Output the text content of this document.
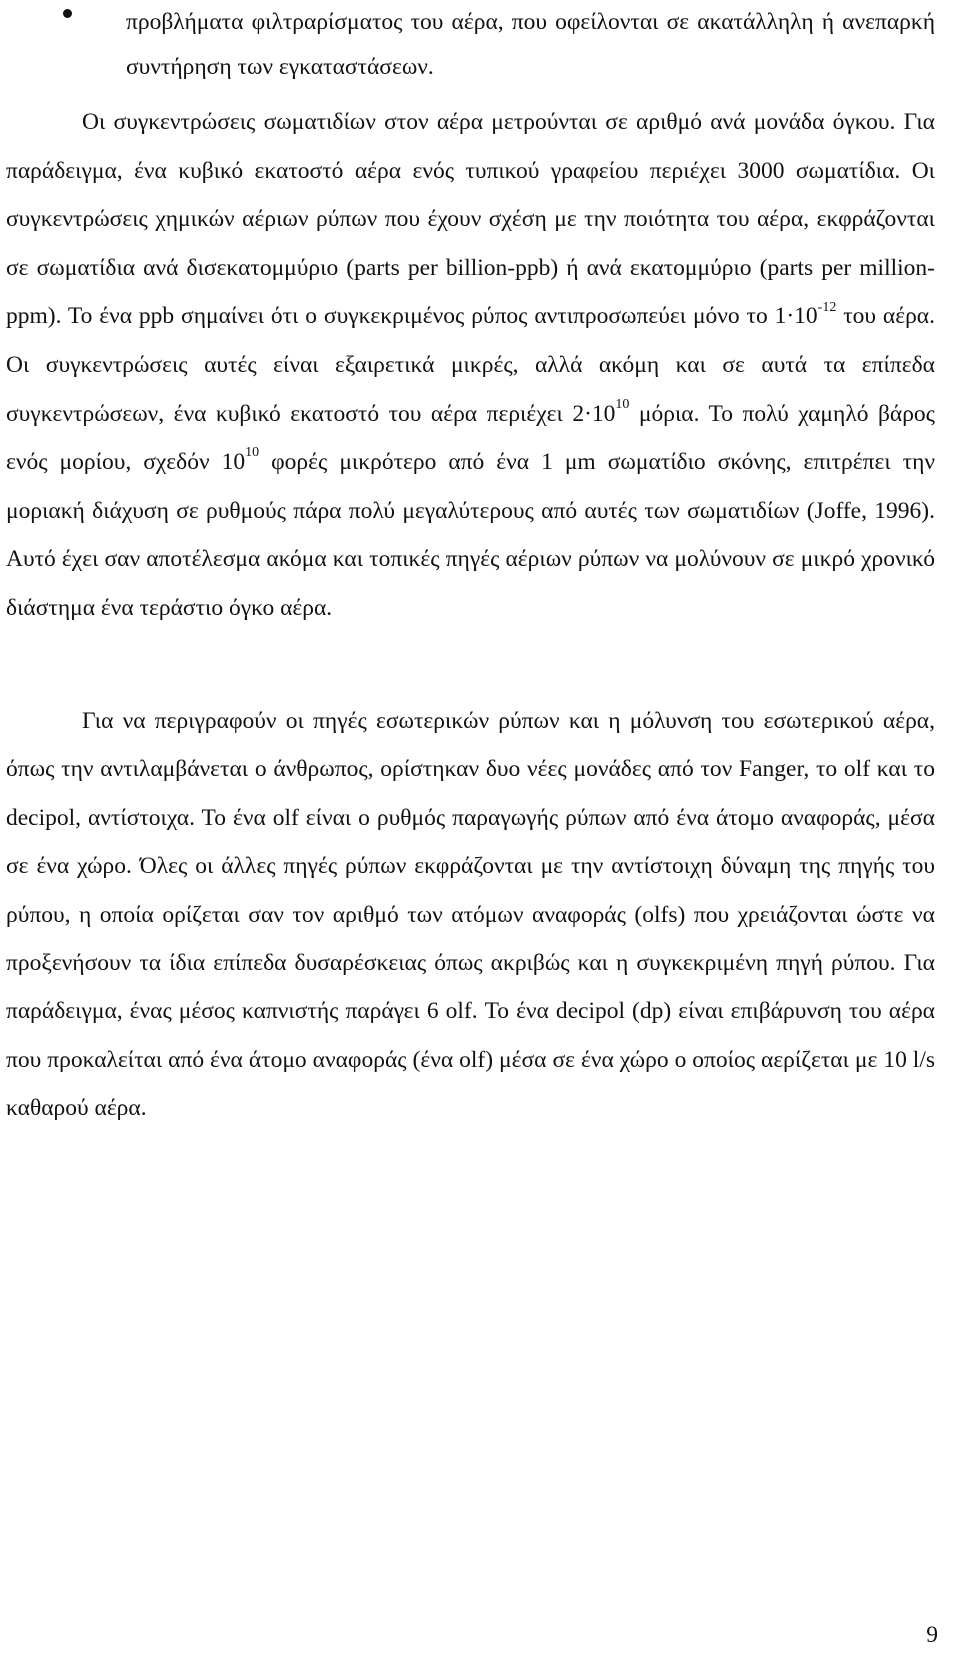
προβλήματα φιλτραρίσματος του αέρα, που οφείλονται σε ακατάλληλη ή ανεπαρκή συντήρηση των εγκαταστάσεων.

Οι συγκεντρώσεις σωματιδίων στον αέρα μετρούνται σε αριθμό ανά μονάδα όγκου. Για παράδειγμα, ένα κυβικό εκατοστό αέρα ενός τυπικού γραφείου περιέχει 3000 σωματίδια. Οι συγκεντρώσεις χημικών αέριων ρύπων που έχουν σχέση με την ποιότητα του αέρα, εκφράζονται σε σωματίδια ανά δισεκατομμύριο (parts per billion-ppb) ή ανά εκατομμύριο (parts per million-ppm). Το ένα ppb σημαίνει ότι ο συγκεκριμένος ρύπος αντιπροσωπεύει μόνο το $1\cdot 10^{-12}$ του αέρα. Οι συγκεντρώσεις αυτές είναι εξαιρετικά μικρές, αλλά ακόμη και σε αυτά τα επίπεδα συγκεντρώσεων, ένα κυβικό εκατοστό του αέρα περιέχει $2\cdot 10^{10}$ μόρια. Το πολύ χαμηλό βάρος ενός μορίου, σχεδόν $10^{10}$ φορές μικρότερο από ένα 1 μm σωματίδιο σκόνης, επιτρέπει την μοριακή διάχυση σε ρυθμούς πάρα πολύ μεγαλύτερους από αυτές των σωματιδίων (Joffe, 1996). Αυτό έχει σαν αποτέλεσμα ακόμα και τοπικές πηγές αέριων ρύπων να μολύνουν σε μικρό χρονικό διάστημα ένα τεράστιο όγκο αέρα.

Για να περιγραφούν οι πηγές εσωτερικών ρύπων και η μόλυνση του εσωτερικού αέρα, όπως την αντιλαμβάνεται ο άνθρωπος, ορίστηκαν δυο νέες μονάδες από τον Fanger, το olf και το decipol, αντίστοιχα. Το ένα olf είναι ο ρυθμός παραγωγής ρύπων από ένα άτομο αναφοράς, μέσα σε ένα χώρο. Όλες οι άλλες πηγές ρύπων εκφράζονται με την αντίστοιχη δύναμη της πηγής του ρύπου, η οποία ορίζεται σαν τον αριθμό των ατόμων αναφοράς (olfs) που χρειάζονται ώστε να προξενήσουν τα ίδια επίπεδα δυσαρέσκειας όπως ακριβώς και η συγκεκριμένη πηγή ρύπου. Για παράδειγμα, ένας μέσος καπνιστής παράγει 6 olf. Το ένα decipol (dp) είναι επιβάρυνση του αέρα που προκαλείται από ένα άτομο αναφοράς (ένα olf) μέσα σε ένα χώρο ο οποίος αερίζεται με 10 l/s καθαρού αέρα.

9
